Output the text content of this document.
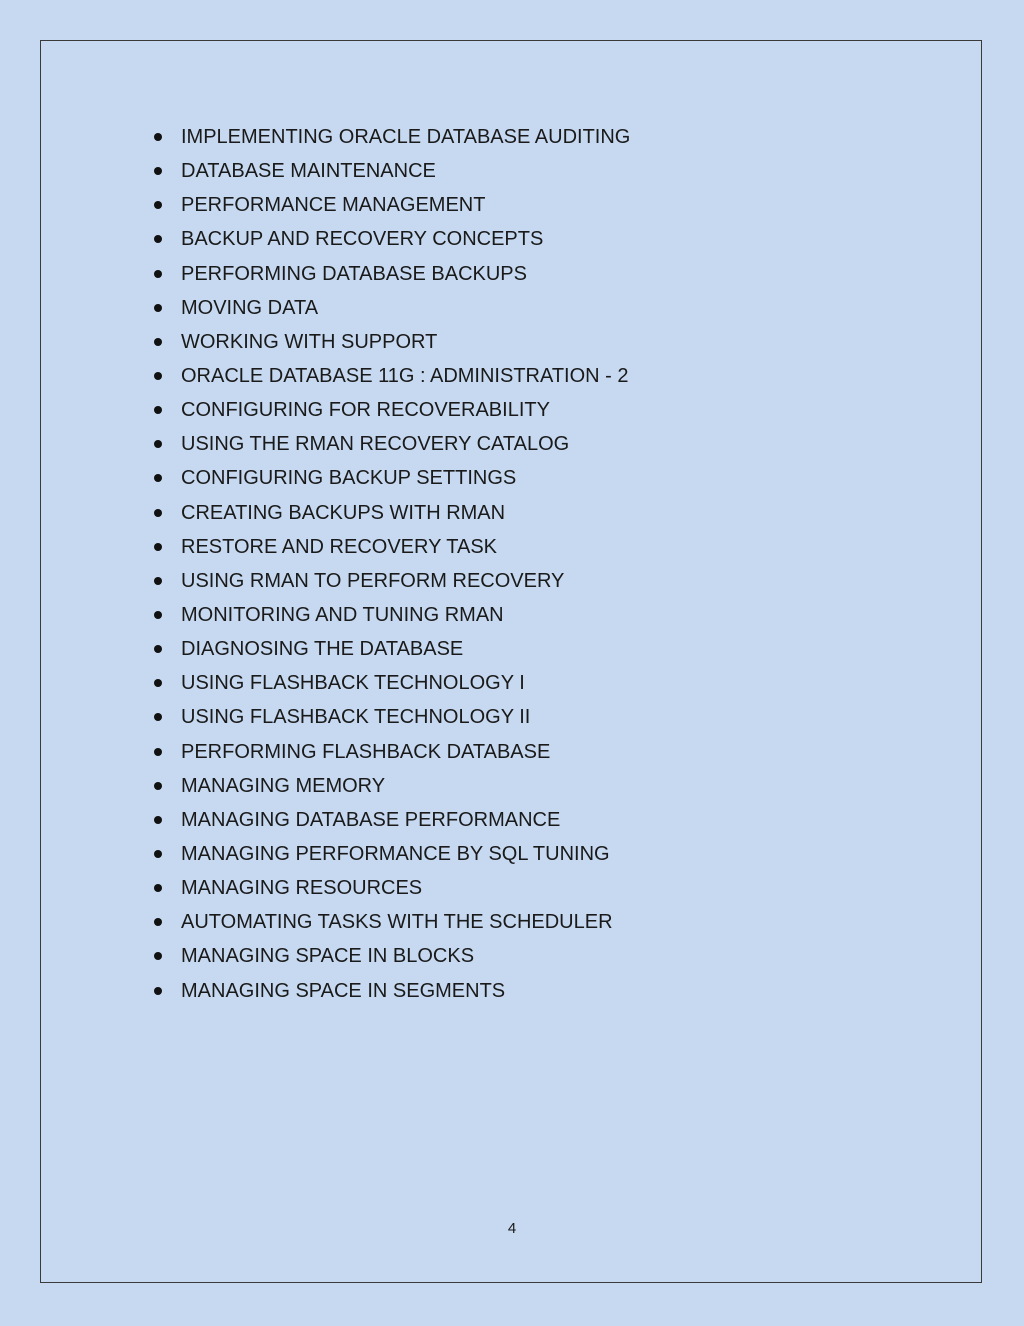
IMPLEMENTING ORACLE DATABASE AUDITING
DATABASE MAINTENANCE
PERFORMANCE MANAGEMENT
BACKUP AND RECOVERY CONCEPTS
PERFORMING DATABASE BACKUPS
MOVING DATA
WORKING WITH SUPPORT
ORACLE DATABASE 11G : ADMINISTRATION - 2
CONFIGURING FOR RECOVERABILITY
USING THE RMAN RECOVERY CATALOG
CONFIGURING BACKUP SETTINGS
CREATING BACKUPS WITH RMAN
RESTORE AND RECOVERY TASK
USING RMAN TO PERFORM RECOVERY
MONITORING AND TUNING RMAN
DIAGNOSING THE DATABASE
USING FLASHBACK TECHNOLOGY I
USING FLASHBACK TECHNOLOGY II
PERFORMING FLASHBACK DATABASE
MANAGING MEMORY
MANAGING DATABASE PERFORMANCE
MANAGING PERFORMANCE BY SQL TUNING
MANAGING RESOURCES
AUTOMATING TASKS WITH THE SCHEDULER
MANAGING SPACE IN BLOCKS
MANAGING SPACE IN SEGMENTS
4
